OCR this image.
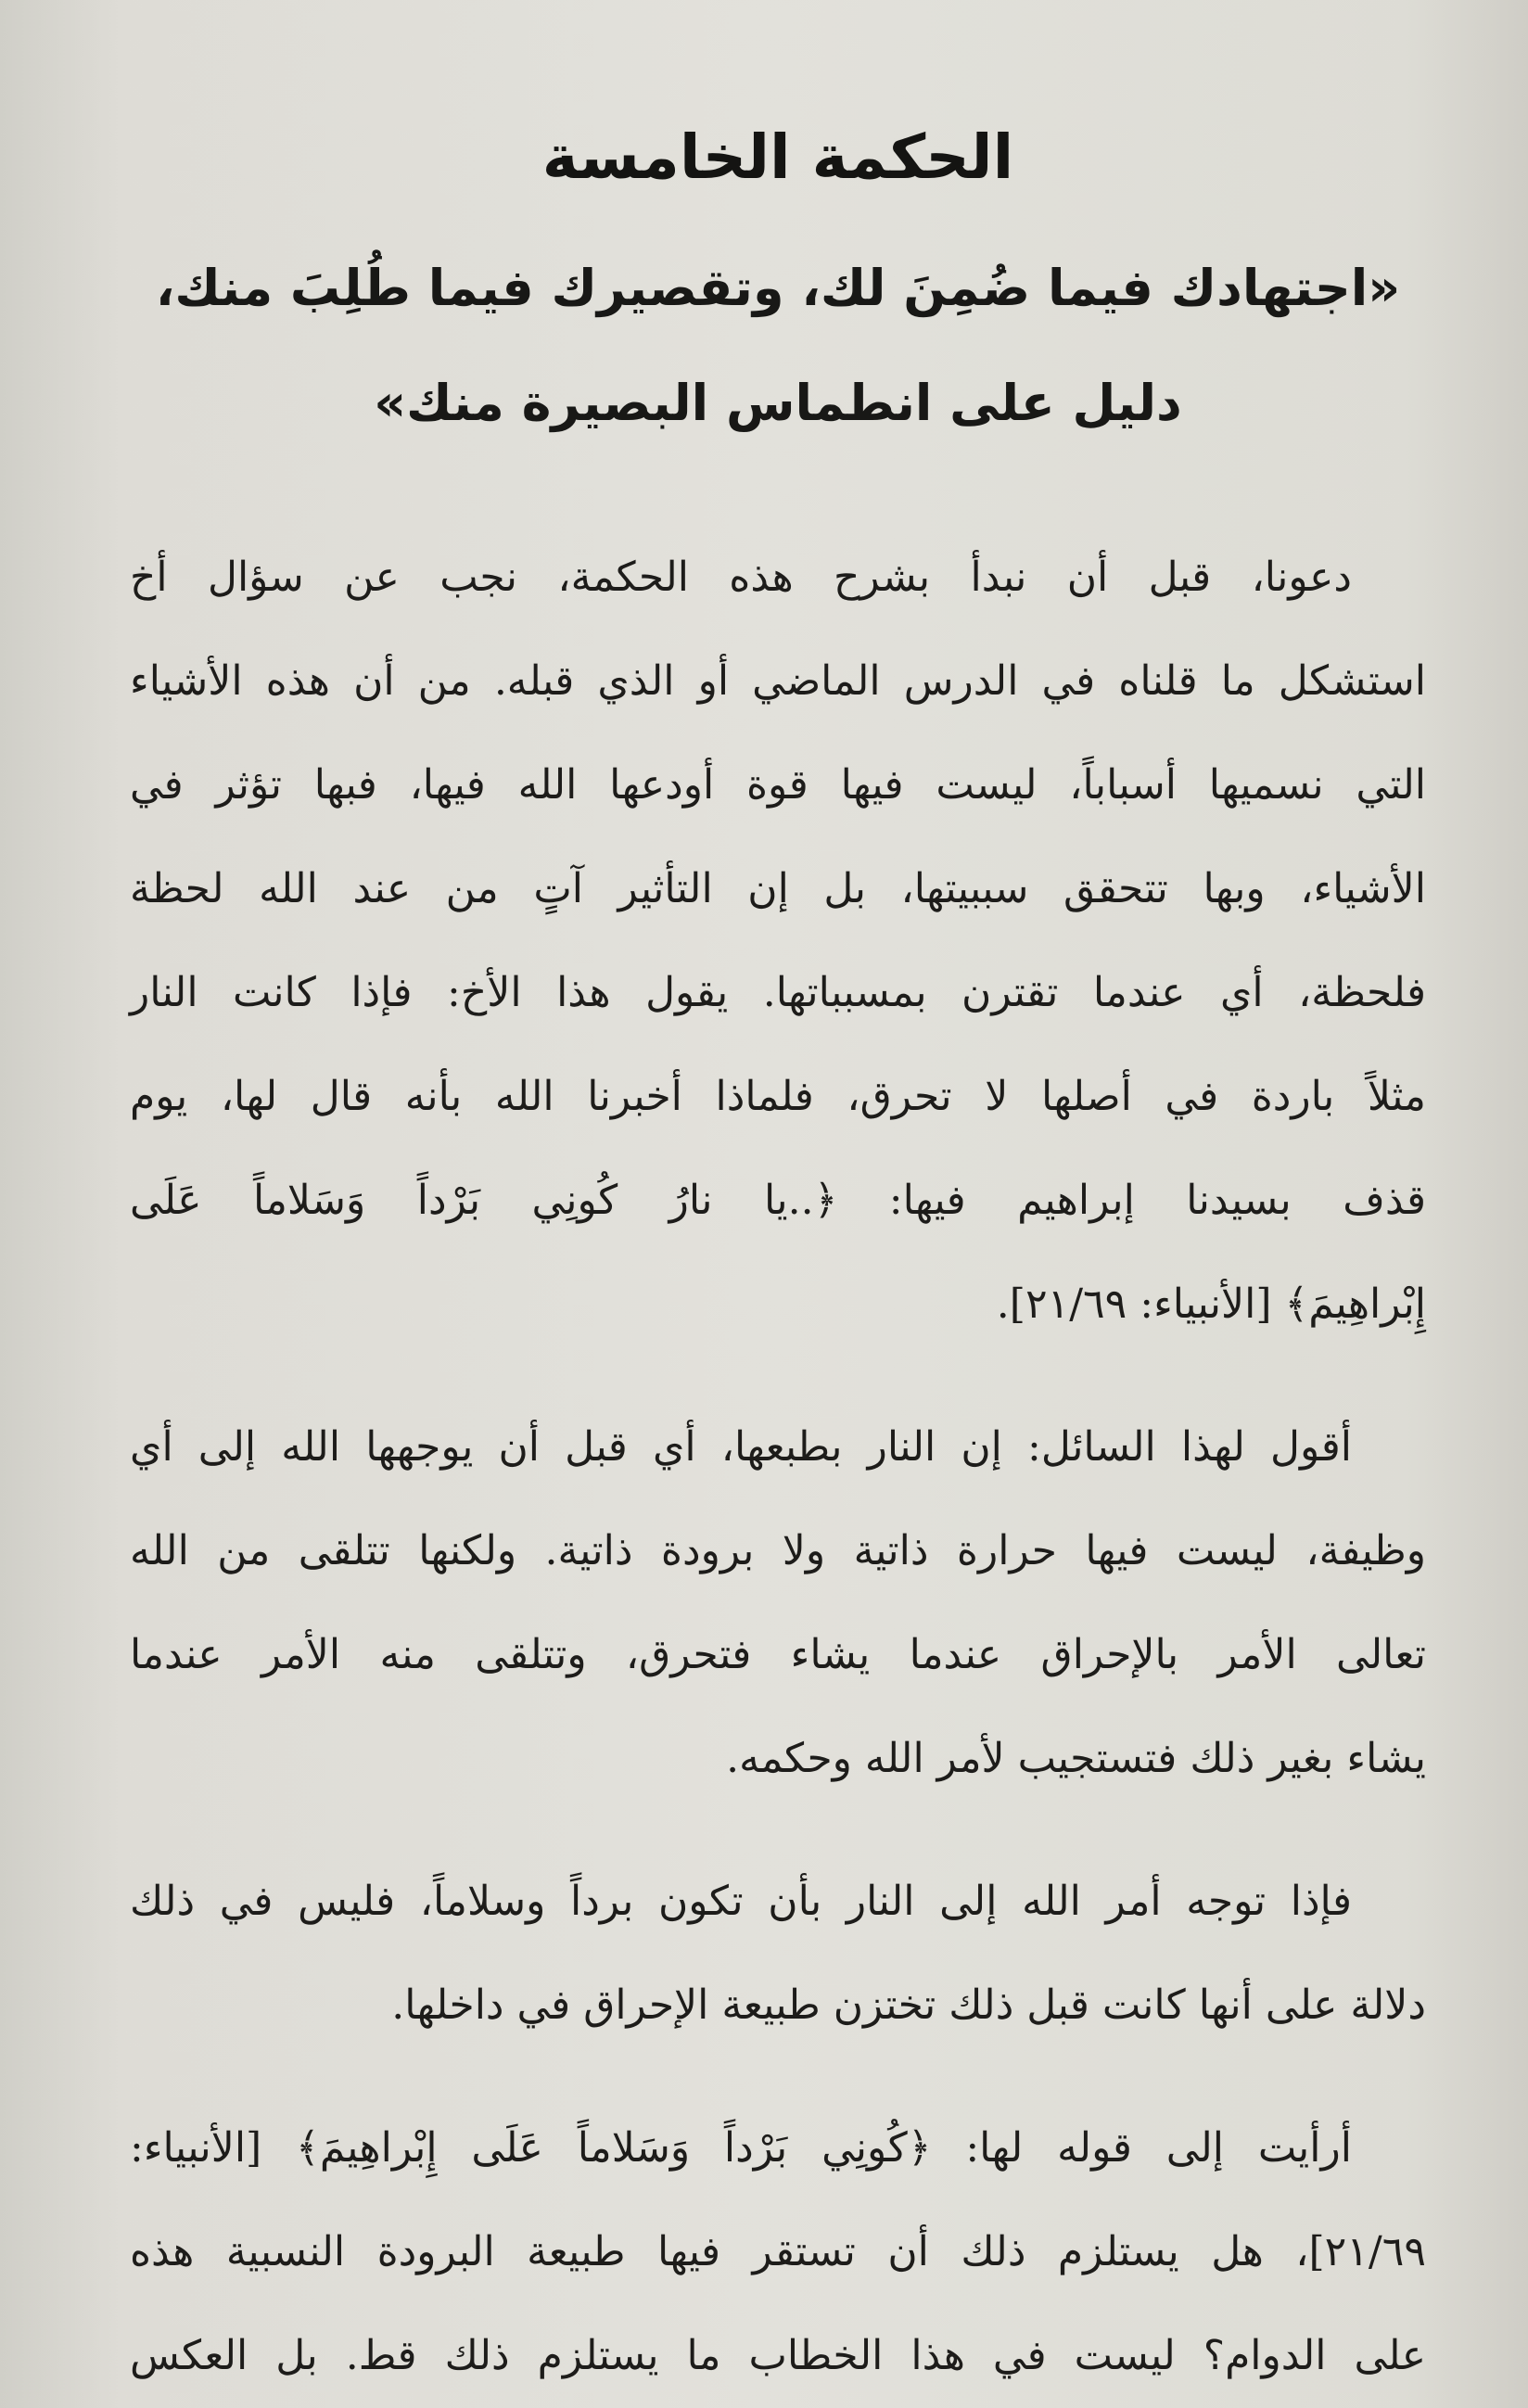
الحكمة الخامسة
«اجتهادك فيما ضُمِنَ لك، وتقصيرك فيما طُلِبَ منك،
دليل على انطماس البصيرة منك»
دعونا، قبل أن نبدأ بشرح هذه الحكمة، نجب عن سؤال أخ
استشكل ما قلناه في الدرس الماضي أو الذي قبله. من أن هذه الأشياء
التي نسميها أسباباً، ليست فيها قوة أودعها الله فيها، فبها تؤثر في
الأشياء، وبها تتحقق سببيتها، بل إن التأثير آتٍ من عند الله لحظة
فلحظة، أي عندما تقترن بمسبباتها. يقول هذا الأخ: فإذا كانت النار
مثلاً باردة في أصلها لا تحرق، فلماذا أخبرنا الله بأنه قال لها، يوم
قذف بسيدنا إبراهيم فيها: ﴿..يا نارُ كُونِي بَرْداً وَسَلاماً عَلَى
إِبْراهِيمَ﴾ [الأنبياء: ٢١/٦٩].
أقول لهذا السائل: إن النار بطبعها، أي قبل أن يوجهها الله إلى أي
وظيفة، ليست فيها حرارة ذاتية ولا برودة ذاتية. ولكنها تتلقى من الله
تعالى الأمر بالإحراق عندما يشاء فتحرق، وتتلقى منه الأمر عندما
يشاء بغير ذلك فتستجيب لأمر الله وحكمه.
فإذا توجه أمر الله إلى النار بأن تكون برداً وسلاماً، فليس في ذلك
دلالة على أنها كانت قبل ذلك تختزن طبيعة الإحراق في داخلها.
أرأيت إلى قوله لها: ﴿كُونِي بَرْداً وَسَلاماً عَلَى إِبْراهِيمَ﴾ [الأنبياء:
٢١/٦٩]، هل يستلزم ذلك أن تستقر فيها طبيعة البرودة النسبية هذه
على الدوام؟ ليست في هذا الخطاب ما يستلزم ذلك قط. بل العكس
